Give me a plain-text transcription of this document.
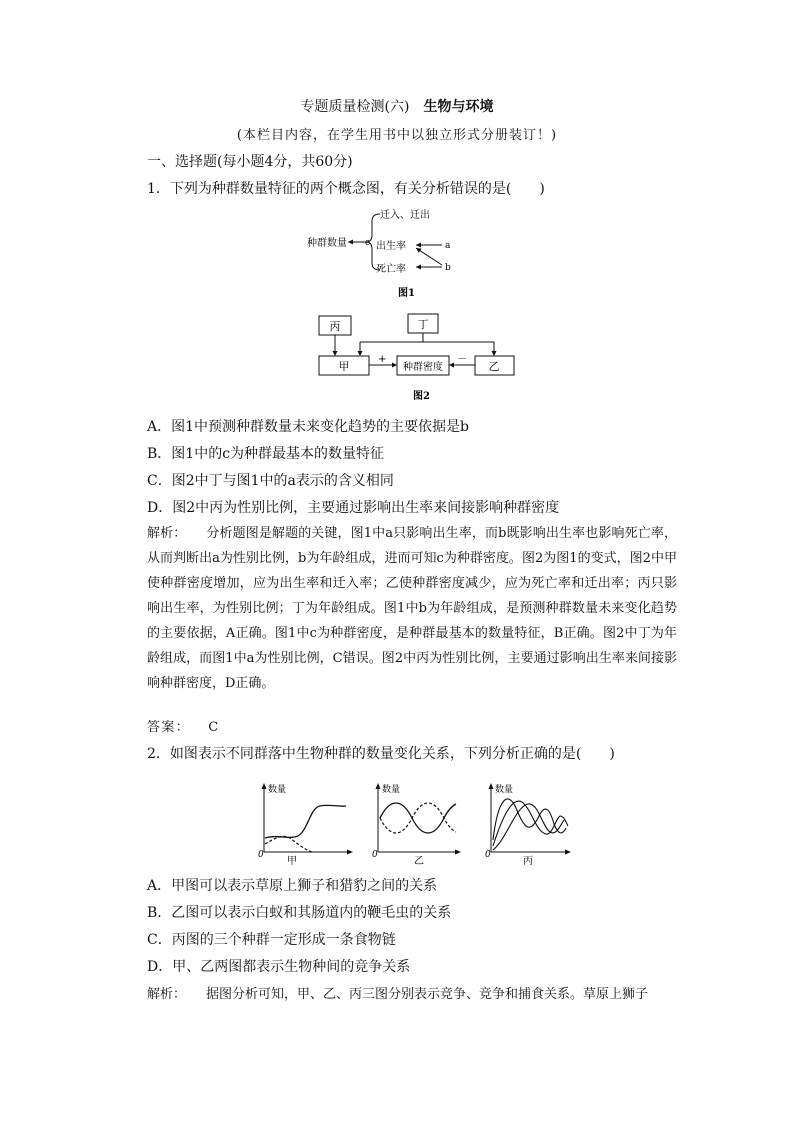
专题质量检测(六) 生物与环境
(本栏目内容，在学生用书中以独立形式分册装订！)
一、选择题(每小题4分，共60分)
1．下列为种群数量特征的两个概念图，有关分析错误的是(　　)
种群数量 c
迁入、迁出
出生率
死亡率
a
b
图1
丙	丁
甲	种群密度	乙
+	－
图2
A．图1中预测种群数量未来变化趋势的主要依据是b
B．图1中的c为种群最基本的数量特征
C．图2中丁与图1中的a表示的含义相同
D．图2中丙为性别比例，主要通过影响出生率来间接影响种群密度
解析： 分析题图是解题的关键，图1中a只影响出生率，而b既影响出生率也影响死亡率，从而判断出a为性别比例，b为年龄组成，进而可知c为种群密度。图2为图1的变式，图2中甲使种群密度增加，应为出生率和迁入率；乙使种群密度减少，应为死亡率和迁出率；丙只影响出生率，为性别比例；丁为年龄组成。图1中b为年龄组成，是预测种群数量未来变化趋势的主要依据，A正确。图1中c为种群密度，是种群最基本的数量特征，B正确。图2中丁为年龄组成，而图1中a为性别比例，C错误。图2中丙为性别比例，主要通过影响出生率来间接影响种群密度，D正确。
答案： C
2．如图表示不同群落中生物种群的数量变化关系，下列分析正确的是(　　)
数量
0
甲
数量
0
乙
数量
0
丙
A．甲图可以表示草原上狮子和猎豹之间的关系
B．乙图可以表示白蚁和其肠道内的鞭毛虫的关系
C．丙图的三个种群一定形成一条食物链
D．甲、乙两图都表示生物种间的竞争关系
解析： 据图分析可知，甲、乙、丙三图分别表示竞争、竞争和捕食关系。草原上狮子
